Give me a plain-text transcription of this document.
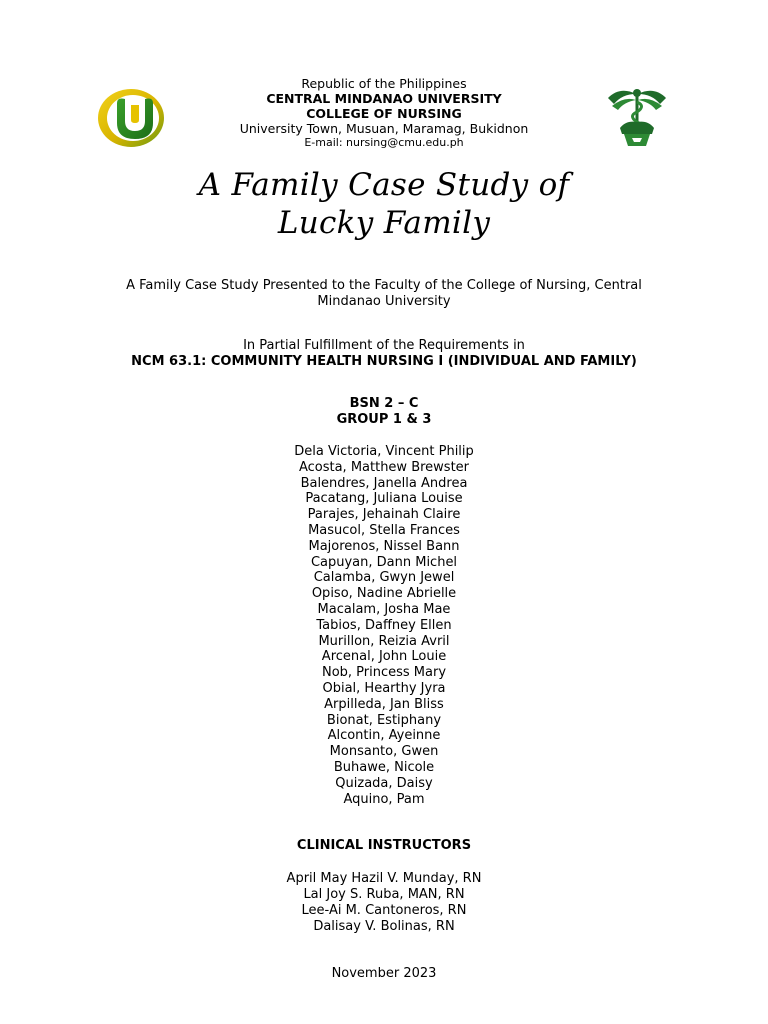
Republic of the Philippines
CENTRAL MINDANAO UNIVERSITY
COLLEGE OF NURSING
University Town, Musuan, Maramag, Bukidnon
E-mail: nursing@cmu.edu.ph
A Family Case Study of
Lucky Family
A Family Case Study Presented to the Faculty of the College of Nursing, Central
Mindanao University
In Partial Fulfillment of the Requirements in
NCM 63.1: COMMUNITY HEALTH NURSING I (INDIVIDUAL AND FAMILY)
BSN 2 – C
GROUP 1 & 3
Dela Victoria, Vincent Philip
Acosta, Matthew Brewster
Balendres, Janella Andrea
Pacatang, Juliana Louise
Parajes, Jehainah Claire
Masucol, Stella Frances
Majorenos, Nissel Bann
Capuyan, Dann Michel
Calamba, Gwyn Jewel
Opiso, Nadine Abrielle
Macalam, Josha Mae
Tabios, Daffney Ellen
Murillon, Reizia Avril
Arcenal, John Louie
Nob, Princess Mary
Obial, Hearthy Jyra
Arpilleda, Jan Bliss
Bionat, Estiphany
Alcontin, Ayeinne
Monsanto, Gwen
Buhawe, Nicole
Quizada, Daisy
Aquino, Pam
CLINICAL INSTRUCTORS
April May Hazil V. Munday, RN
Lal Joy S. Ruba, MAN, RN
Lee-Ai M. Cantoneros, RN
Dalisay V. Bolinas, RN
November 2023
